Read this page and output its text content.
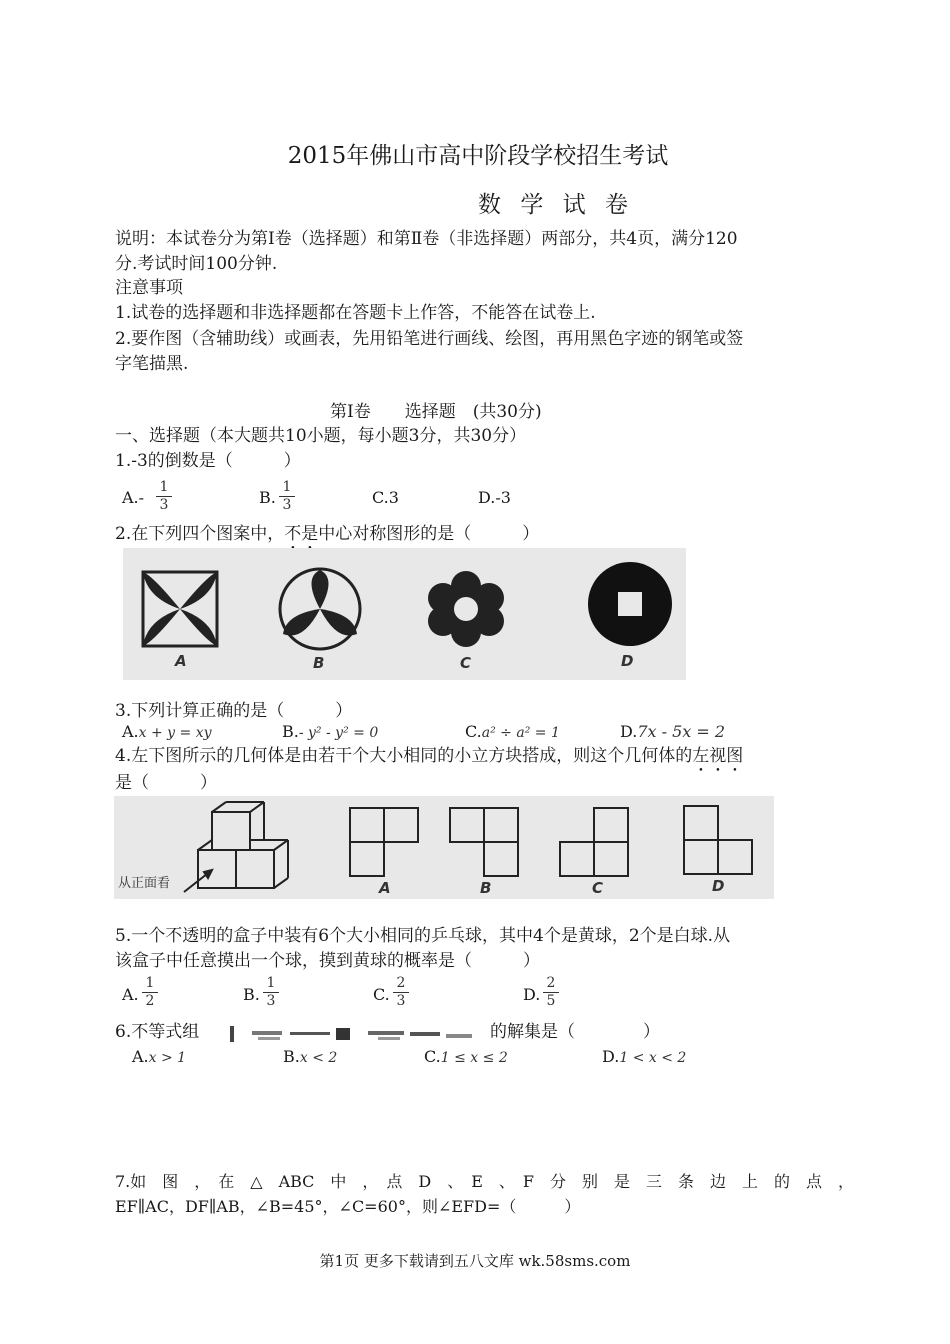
2015年佛山市高中阶段学校招生考试
数 学 试 卷
说明：本试卷分为第Ⅰ卷（选择题）和第Ⅱ卷（非选择题）两部分，共4页，满分120
分.考试时间100分钟.
注意事项
1.试卷的选择题和非选择题都在答题卡上作答，不能答在试卷上.
2.要作图（含辅助线）或画表，先用铅笔进行画线、绘图，再用黑色字迹的钢笔或签
字笔描黑.
第Ⅰ卷　　选择题　(共30分)
一、选择题（本大题共10小题，每小题3分，共30分）
1.-3的倒数是（　　　）
$A.- \frac{1}{3}$	B. $\frac{1}{3}$	C.3	D.-3
2.在下列四个图案中，不是中心对称图形的是（　　　）
A	B	C	D
3.下列计算正确的是（　　　）
A.x + y = xy	B.- y² - y² = 0	C.a² ÷ a² = 1	D.7x - 5x = 2
4.左下图所示的几何体是由若干个大小相同的小立方块搭成，则这个几何体的左视图
是（　　　）
从正面看	A	B	C	D
5.一个不透明的盒子中装有6个大小相同的乒乓球，其中4个是黄球，2个是白球.从
该盒子中任意摸出一个球，摸到黄球的概率是（　　　）
A. $\frac{1}{2}$	B. $\frac{1}{3}$	C. $\frac{2}{3}$	D. $\frac{2}{5}$
6.不等式组	的解集是（　　　　）
A.x > 1	B.x < 2	C.1 ≤ x ≤ 2	D.1 < x < 2
7.如　图　，　在　△　ABC　中　，　点　D　、　E　、　F　分　别　是　三　条　边　上　的　点　，
EF∥AC，DF∥AB，∠B=45°，∠C=60°，则∠EFD=（　　　）
第1页 更多下载请到五八文库 wk.58sms.com
